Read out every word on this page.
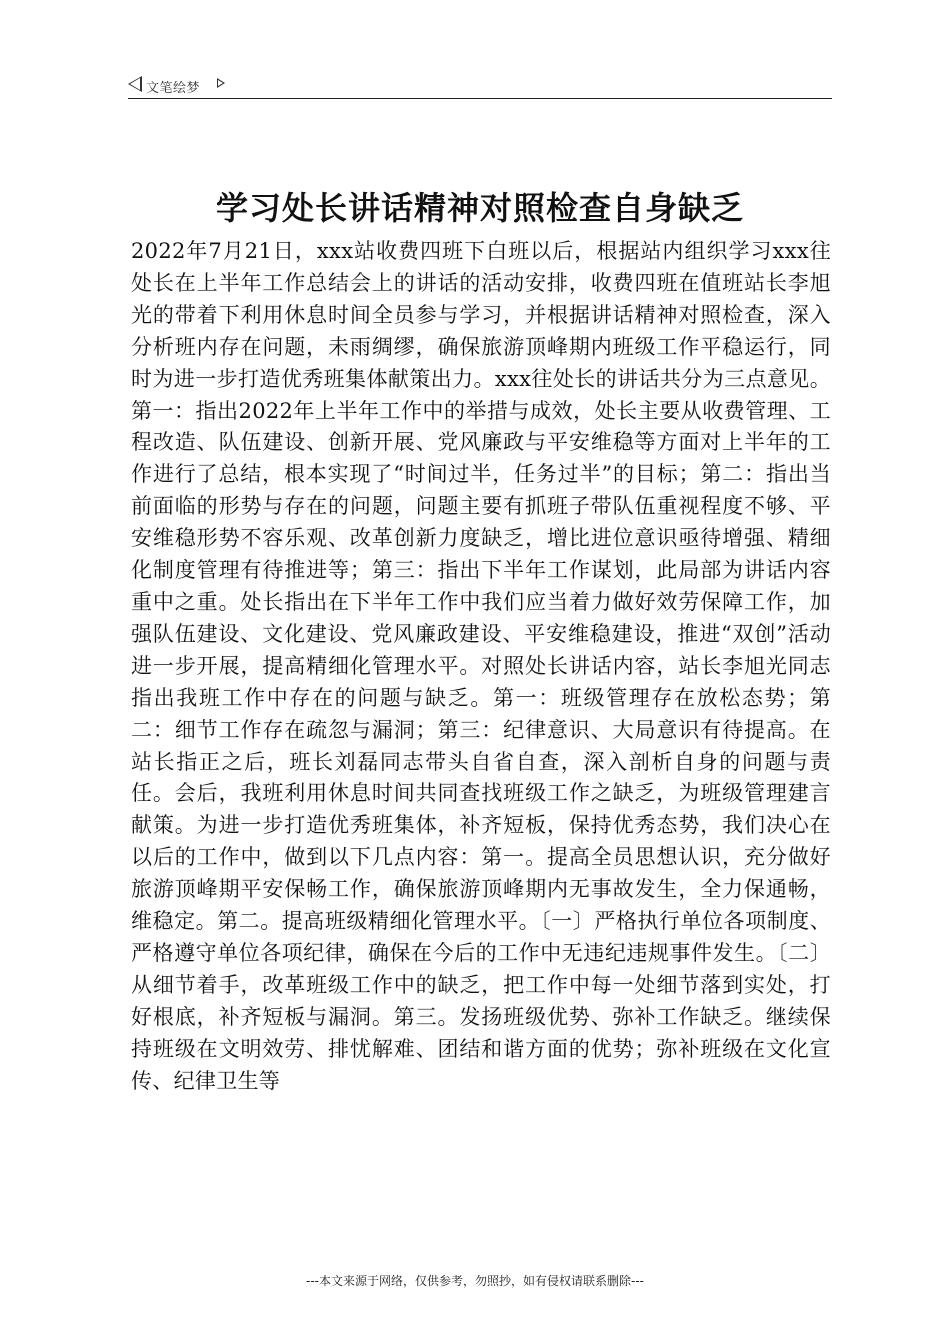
文笔绘梦
学习处长讲话精神对照检查自身缺乏

2022年7月21日，xxx站收费四班下白班以后，根据站内组织学习xxx往处长在上半年工作总结会上的讲话的活动安排，收费四班在值班站长李旭光的带着下利用休息时间全员参与学习，并根据讲话精神对照检查，深入分析班内存在问题，未雨绸缪，确保旅游顶峰期内班级工作平稳运行，同时为进一步打造优秀班集体献策出力。xxx往处长的讲话共分为三点意见。第一：指出2022年上半年工作中的举措与成效，处长主要从收费管理、工程改造、队伍建设、创新开展、党风廉政与平安维稳等方面对上半年的工作进行了总结，根本实现了“时间过半，任务过半”的目标；第二：指出当前面临的形势与存在的问题，问题主要有抓班子带队伍重视程度不够、平安维稳形势不容乐观、改革创新力度缺乏，增比进位意识亟待增强、精细化制度管理有待推进等；第三：指出下半年工作谋划，此局部为讲话内容重中之重。处长指出在下半年工作中我们应当着力做好效劳保障工作，加强队伍建设、文化建设、党风廉政建设、平安维稳建设，推进“双创”活动进一步开展，提高精细化管理水平。对照处长讲话内容，站长李旭光同志指出我班工作中存在的问题与缺乏。第一：班级管理存在放松态势；第二：细节工作存在疏忽与漏洞；第三：纪律意识、大局意识有待提高。在站长指正之后，班长刘磊同志带头自省自查，深入剖析自身的问题与责任。会后，我班利用休息时间共同查找班级工作之缺乏，为班级管理建言献策。为进一步打造优秀班集体，补齐短板，保持优秀态势，我们决心在以后的工作中，做到以下几点内容：第一。提高全员思想认识，充分做好旅游顶峰期平安保畅工作，确保旅游顶峰期内无事故发生，全力保通畅，维稳定。第二。提高班级精细化管理水平。〔一〕严格执行单位各项制度、严格遵守单位各项纪律，确保在今后的工作中无违纪违规事件发生。〔二〕从细节着手，改革班级工作中的缺乏，把工作中每一处细节落到实处，打好根底，补齐短板与漏洞。第三。发扬班级优势、弥补工作缺乏。继续保持班级在文明效劳、排忧解难、团结和谐方面的优势；弥补班级在文化宣传、纪律卫生等

---本文来源于网络，仅供参考，勿照抄，如有侵权请联系删除---
